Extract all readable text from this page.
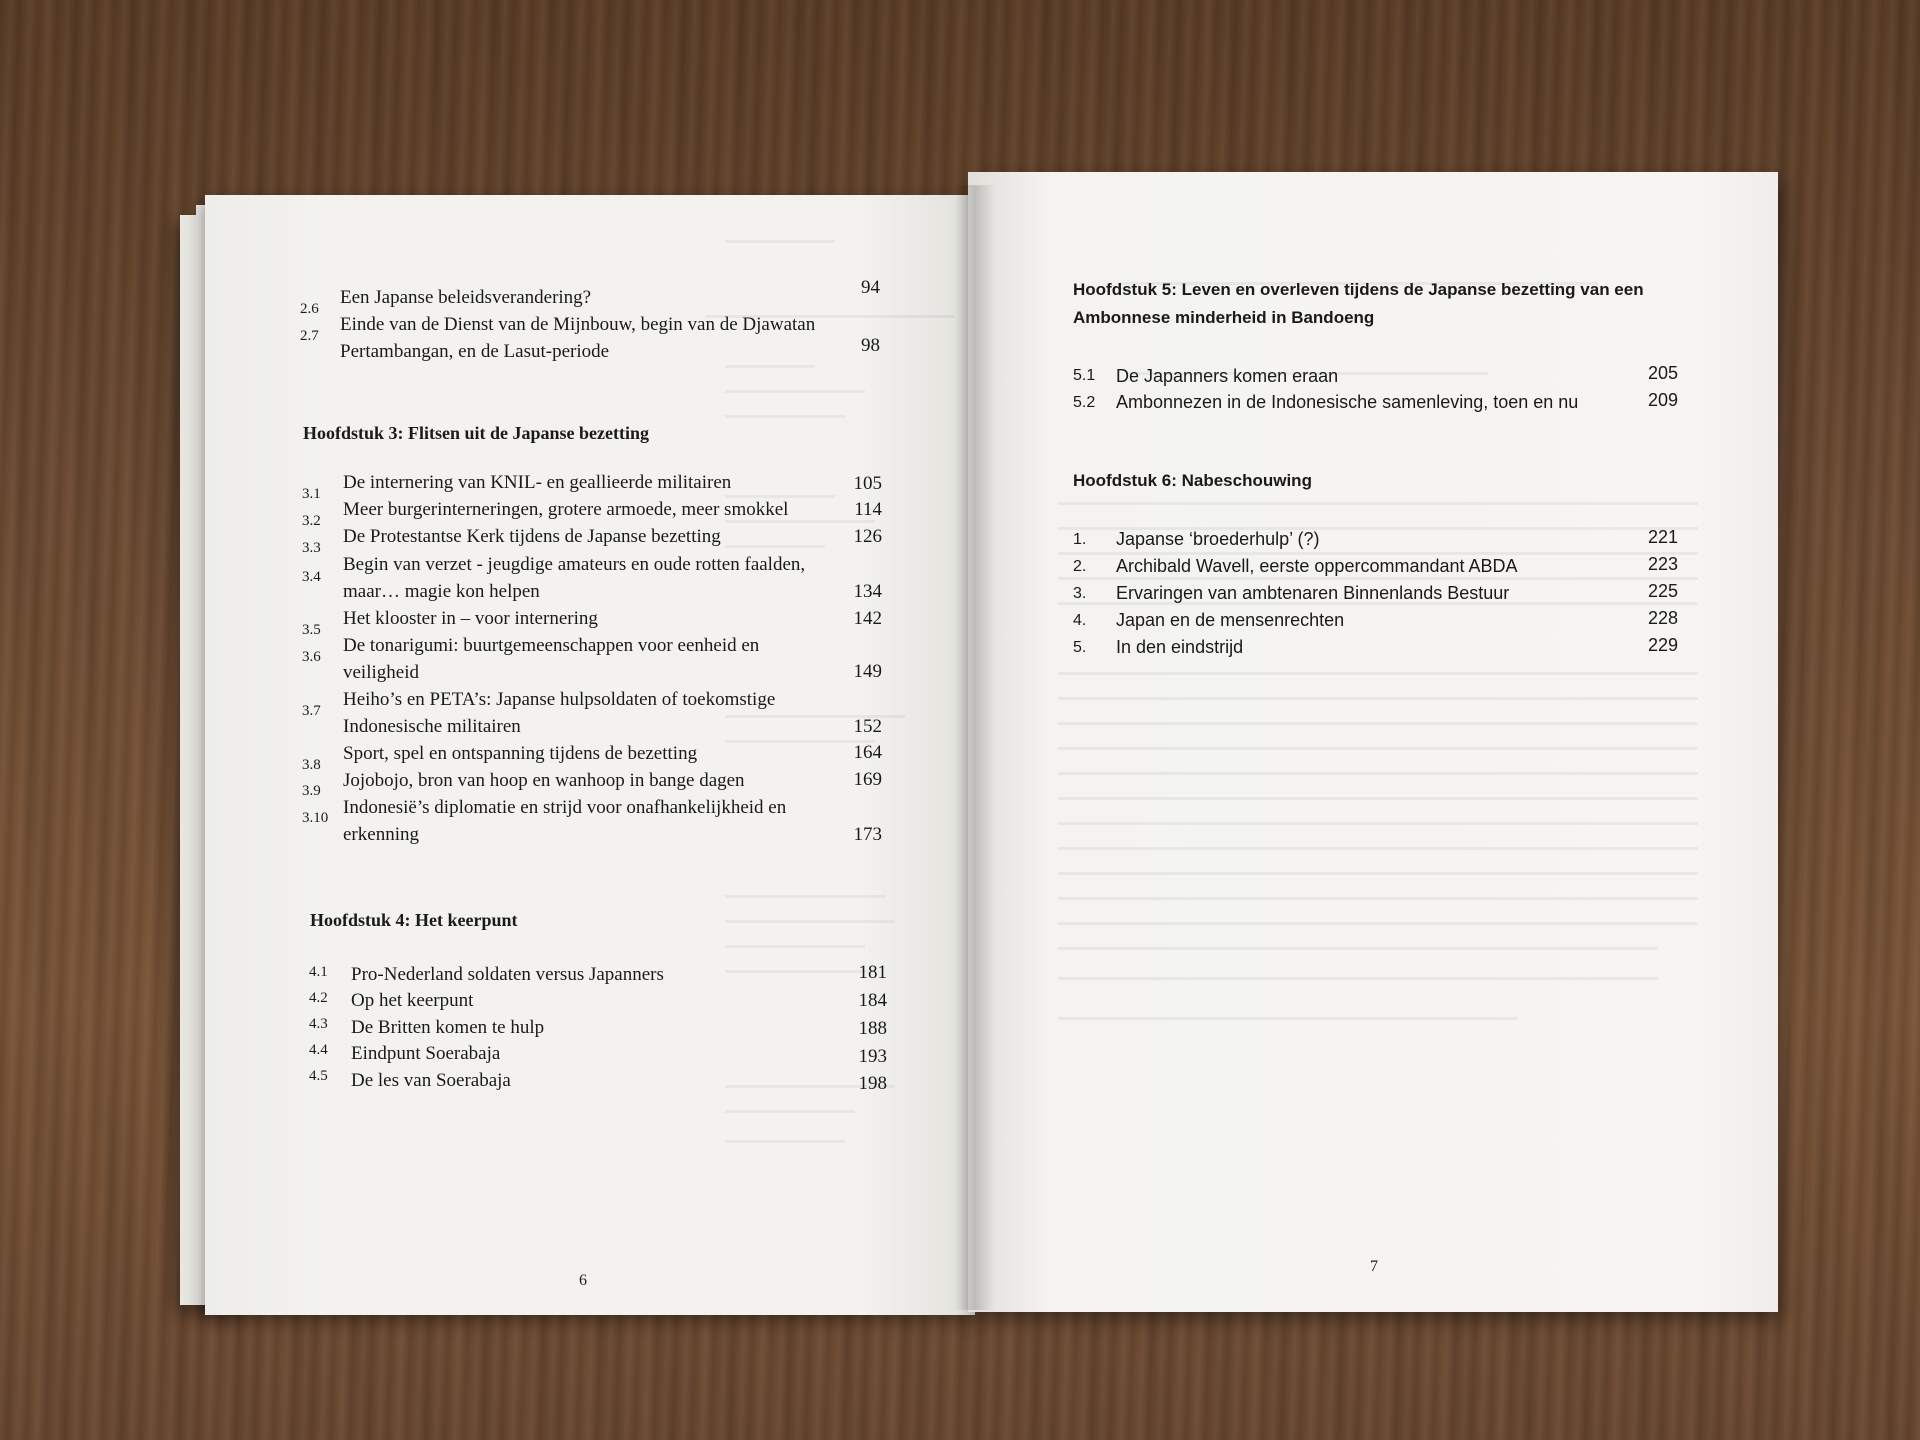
2.6
Een Japanse beleidsverandering?	94
2.7
Einde van de Dienst van de Mijnbouw, begin van de Djawatan
Pertambangan, en de Lasut-periode	98
Hoofdstuk 3: Flitsen uit de Japanse bezetting
3.1
De internering van KNIL- en geallieerde militairen	105
3.2
Meer burgerinterneringen, grotere armoede, meer smokkel	114
3.3
De Protestantse Kerk tijdens de Japanse bezetting	126
3.4
Begin van verzet - jeugdige amateurs en oude rotten faalden,
maar… magie kon helpen	134
3.5
Het klooster in – voor internering	142
3.6
De tonarigumi: buurtgemeenschappen voor eenheid en
veiligheid	149
3.7
Heiho’s en PETA’s: Japanse hulpsoldaten of toekomstige
Indonesische militairen	152
3.8
Sport, spel en ontspanning tijdens de bezetting	164
3.9 Jojobojo, bron van hoop en wanhoop in bange dagen	169
3.10 Indonesië’s diplomatie en strijd voor onafhankelijkheid en
erkenning	173
Hoofdstuk 4: Het keerpunt
4.1 Pro-Nederland soldaten versus Japanners	181
4.2 Op het keerpunt	184
4.3 De Britten komen te hulp	188
4.4 Eindpunt Soerabaja	193
4.5 De les van Soerabaja	198
6
Hoofdstuk 5: Leven en overleven tijdens de Japanse bezetting van een
Ambonnese minderheid in Bandoeng
5.1 De Japanners komen eraan	205
5.2 Ambonnezen in de Indonesische samenleving, toen en nu	209
Hoofdstuk 6: Nabeschouwing
1. Japanse ‘broederhulp’ (?)	221
2. Archibald Wavell, eerste oppercommandant ABDA	223
3. Ervaringen van ambtenaren Binnenlands Bestuur	225
4. Japan en de mensenrechten	228
5. In den eindstrijd	229
7
